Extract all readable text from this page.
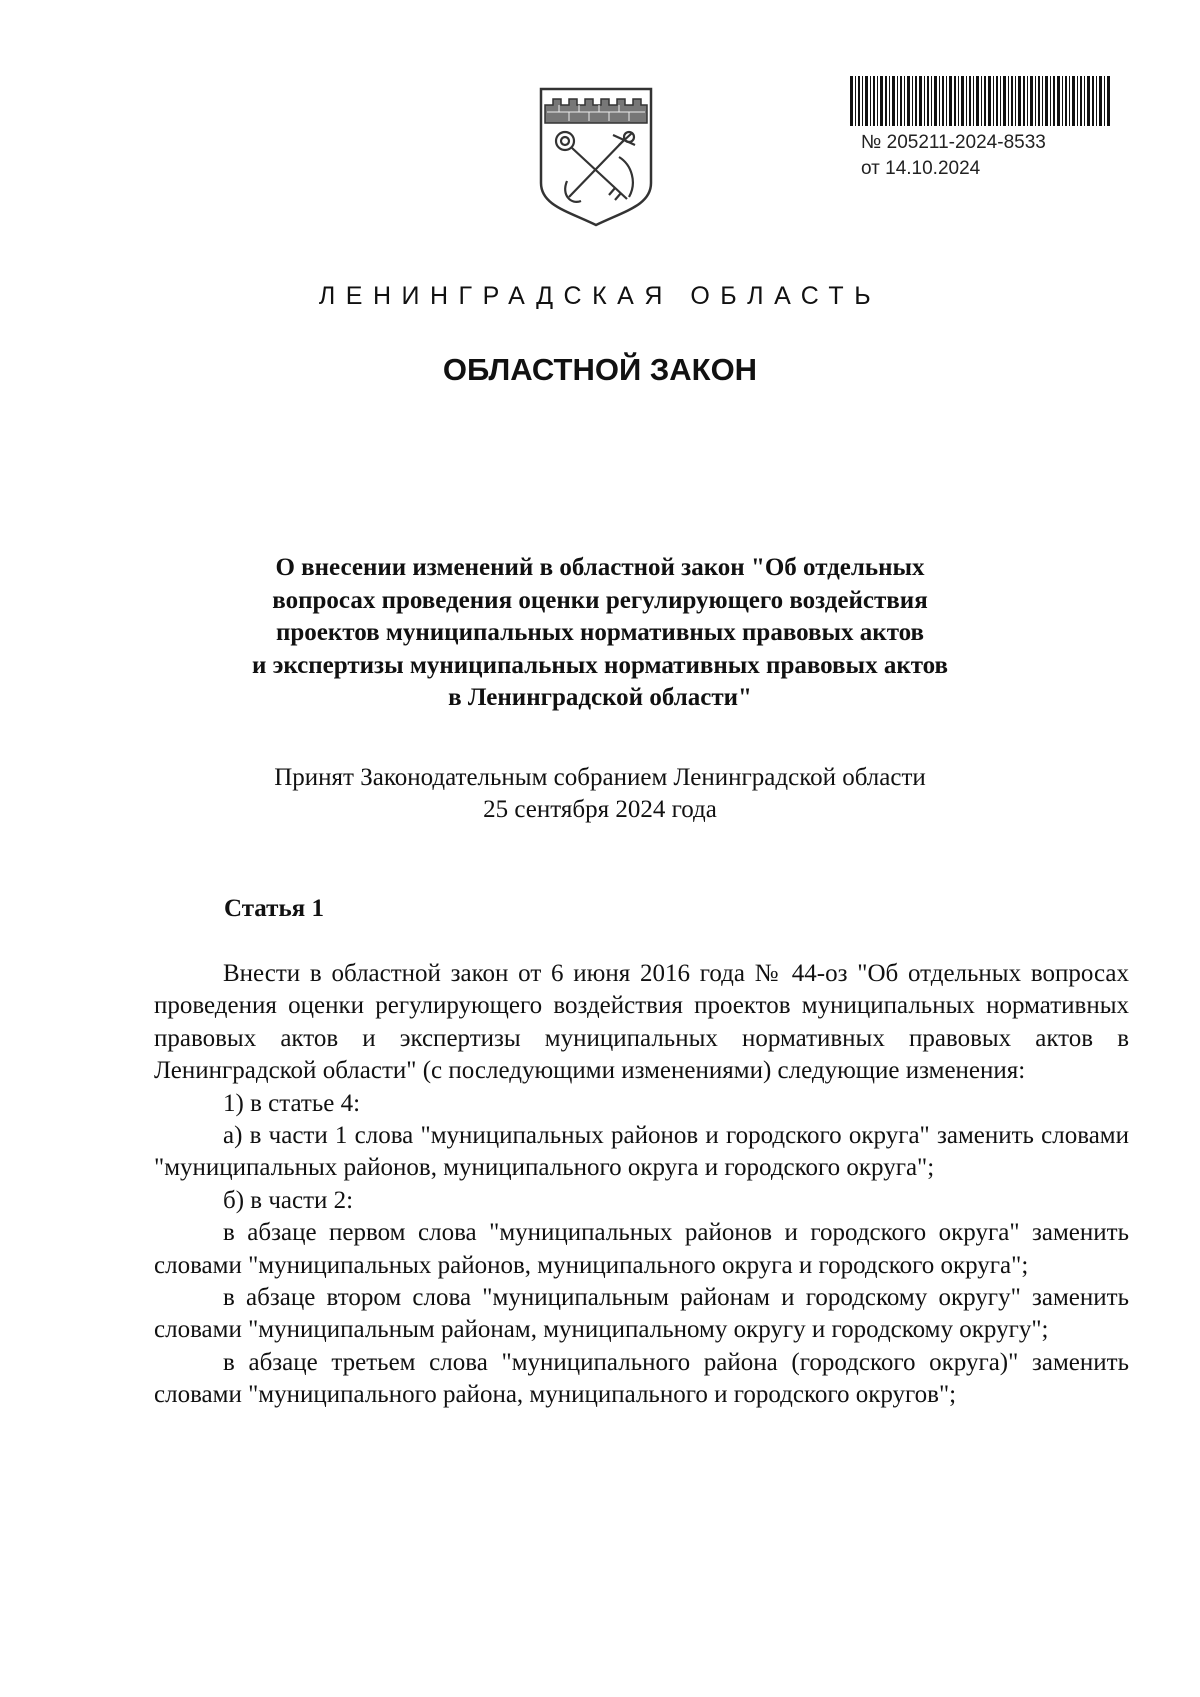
№ 205211-2024-8533
от 14.10.2024
ЛЕНИНГРАДСКАЯ ОБЛАСТЬ
ОБЛАСТНОЙ ЗАКОН
О внесении изменений в областной закон "Об отдельных
вопросах проведения оценки регулирующего воздействия
проектов муниципальных нормативных правовых актов
и экспертизы муниципальных нормативных правовых актов
в Ленинградской области"
Принят Законодательным собранием Ленинградской области
25 сентября 2024 года
Статья 1

Внести в областной закон от 6 июня 2016 года № 44-оз "Об отдельных вопросах проведения оценки регулирующего воздействия проектов муниципальных нормативных правовых актов и экспертизы муниципальных нормативных правовых актов в Ленинградской области" (с последующими изменениями) следующие изменения:

1) в статье 4:

а) в части 1 слова "муниципальных районов и городского округа" заменить словами "муниципальных районов, муниципального округа и городского округа";

б) в части 2:

в абзаце первом слова "муниципальных районов и городского округа" заменить словами "муниципальных районов, муниципального округа и городского округа";

в абзаце втором слова "муниципальным районам и городскому округу" заменить словами "муниципальным районам, муниципальному округу и городскому округу";

в абзаце третьем слова "муниципального района (городского округа)" заменить словами "муниципального района, муниципального и городского округов";
